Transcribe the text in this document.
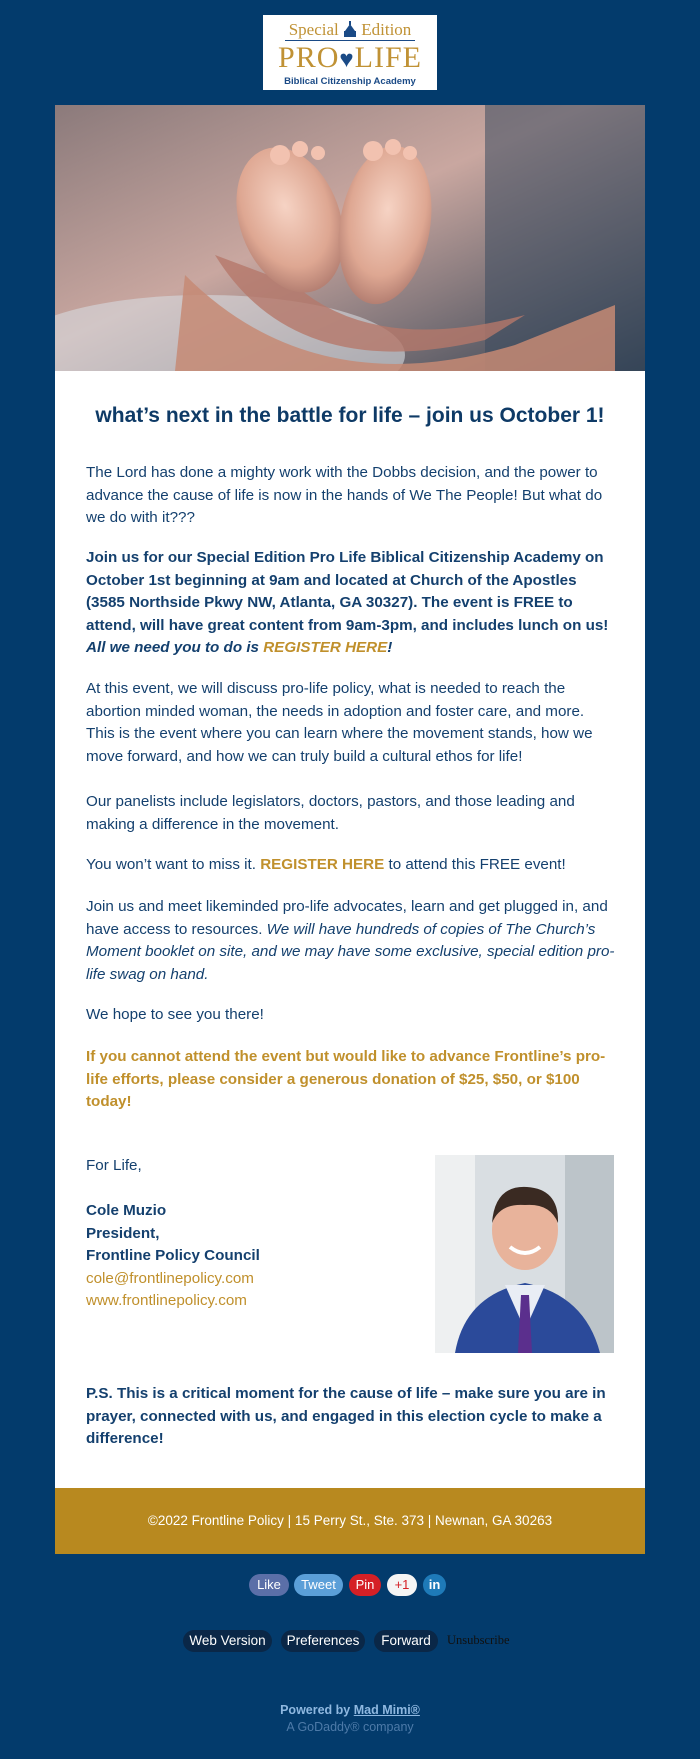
Special Edition
PRO♥LIFE
Biblical Citizenship Academy
what’s next in the battle for life – join us October 1!

The Lord has done a mighty work with the Dobbs decision, and the power to advance the cause of life is now in the hands of We The People! But what do we do with it???

Join us for our Special Edition Pro Life Biblical Citizenship Academy on October 1st beginning at 9am and located at Church of the Apostles (3585 Northside Pkwy NW, Atlanta, GA 30327). The event is FREE to attend, will have great content from 9am-3pm, and includes lunch on us! All we need you to do is REGISTER HERE!

At this event, we will discuss pro-life policy, what is needed to reach the abortion minded woman, the needs in adoption and foster care, and more. This is the event where you can learn where the movement stands, how we move forward, and how we can truly build a cultural ethos for life!

Our panelists include legislators, doctors, pastors, and those leading and making a difference in the movement.

You won’t want to miss it. REGISTER HERE to attend this FREE event!

Join us and meet likeminded pro-life advocates, learn and get plugged in, and have access to resources. We will have hundreds of copies of The Church’s Moment booklet on site, and we may have some exclusive, special edition pro-life swag on hand.

We hope to see you there!

If you cannot attend the event but would like to advance Frontline’s pro-life efforts, please consider a generous donation of $25, $50, or $100 today!

For Life,

Cole Muzio
President,
Frontline Policy Council
cole@frontlinepolicy.com
www.frontlinepolicy.com

P.S. This is a critical moment for the cause of life – make sure you are in prayer, connected with us, and engaged in this election cycle to make a difference!

©2022 Frontline Policy | 15 Perry St., Ste. 373 | Newnan, GA 30263
Like	Tweet	Pin	+1	in
Web Version	Preferences	Forward	Unsubscribe
Powered by Mad Mimi®
A GoDaddy® company
